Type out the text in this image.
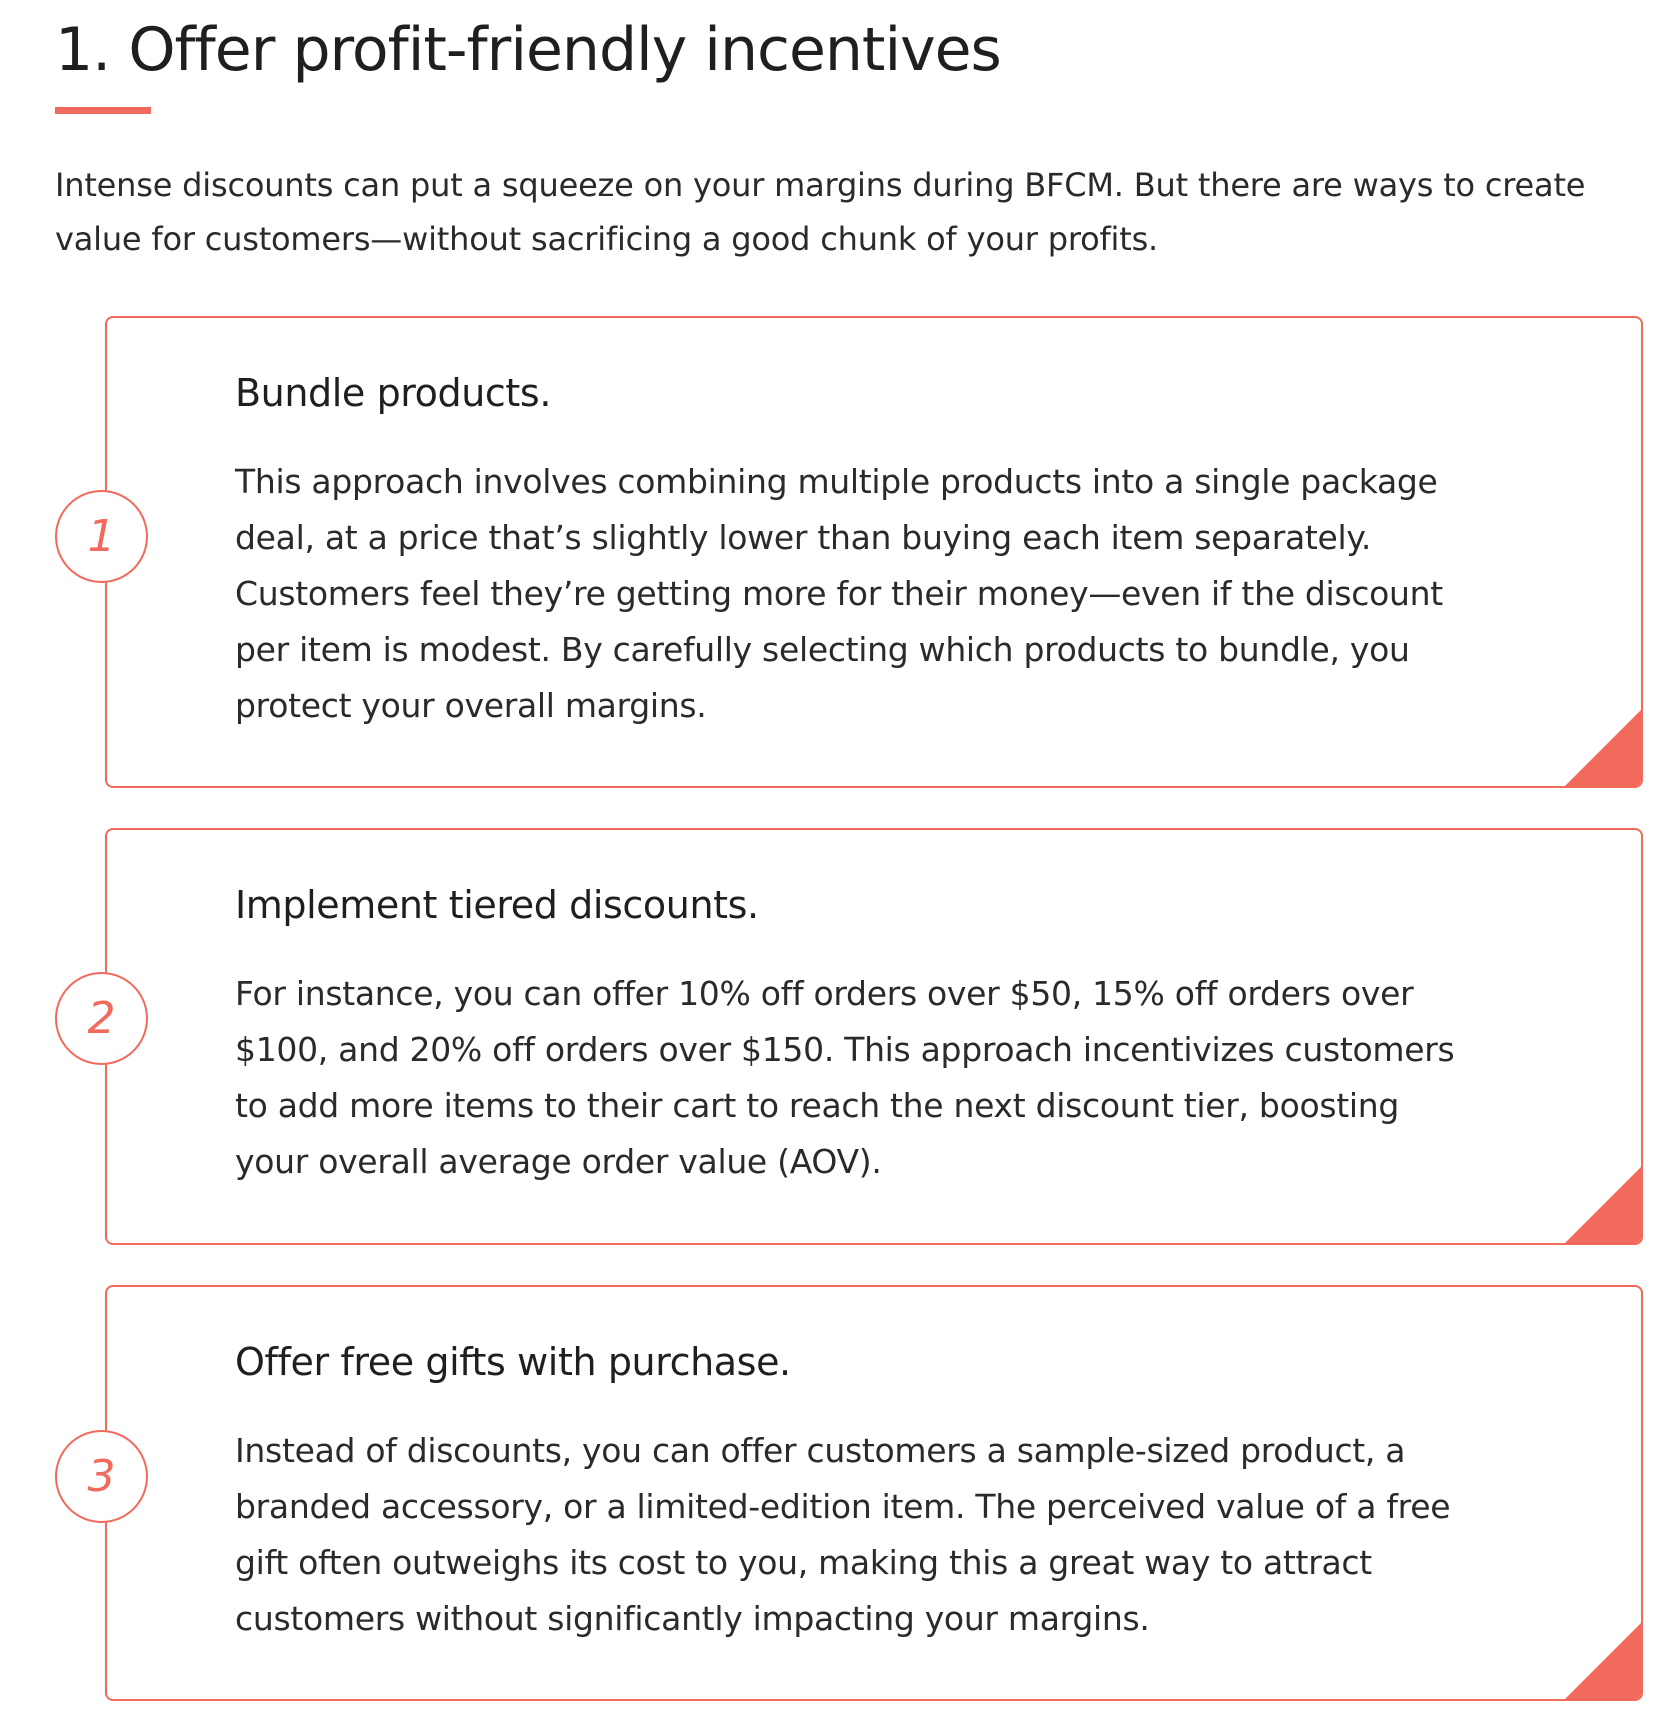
1. Offer profit-friendly incentives

Intense discounts can put a squeeze on your margins during BFCM. But there are ways to create value for customers—without sacrificing a good chunk of your profits.

Bundle products.

This approach involves combining multiple products into a single package deal, at a price that’s slightly lower than buying each item separately. Customers feel they’re getting more for their money—even if the discount per item is modest. By carefully selecting which products to bundle, you protect your overall margins.

Implement tiered discounts.

For instance, you can offer 10% off orders over $50, 15% off orders over $100, and 20% off orders over $150. This approach incentivizes customers to add more items to their cart to reach the next discount tier, boosting your overall average order value (AOV).

Offer free gifts with purchase.

Instead of discounts, you can offer customers a sample-sized product, a branded accessory, or a limited-edition item. The perceived value of a free gift often outweighs its cost to you, making this a great way to attract customers without significantly impacting your margins.

1
2
3
